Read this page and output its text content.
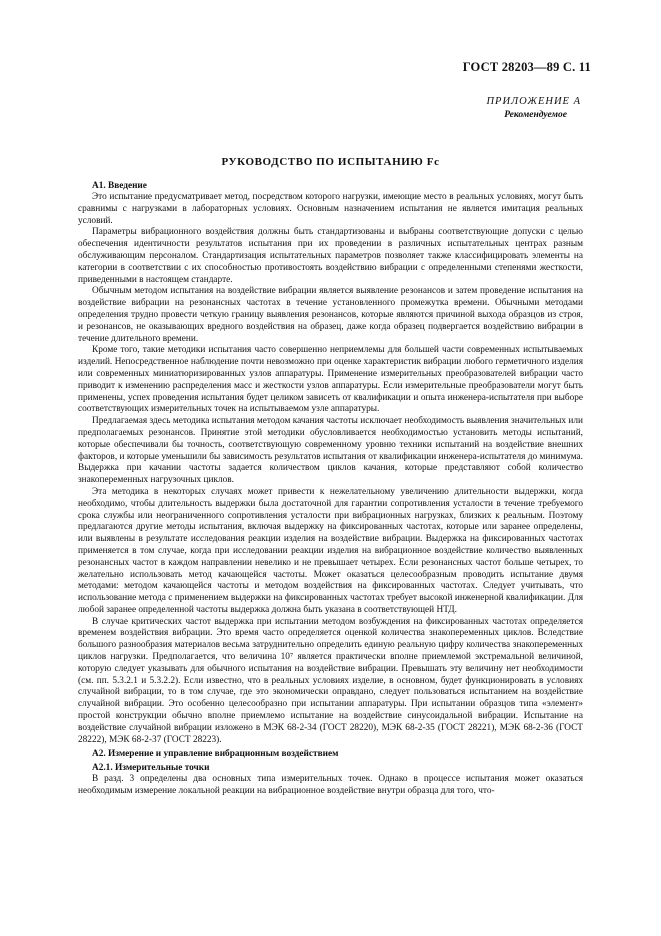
ГОСТ 28203—89 С. 11
ПРИЛОЖЕНИЕ А
Рекомендуемое
РУКОВОДСТВО ПО ИСПЫТАНИЮ Fc
А1. Введение

Это испытание предусматривает метод, посредством которого нагрузки, имеющие место в реальных условиях, могут быть сравнимы с нагрузками в лабораторных условиях. Основным назначением испытания не является имитация реальных условий.

Параметры вибрационного воздействия должны быть стандартизованы и выбраны соответствующие допуски с целью обеспечения идентичности результатов испытания при их проведении в различных испытательных центрах разным обслуживающим персоналом. Стандартизация испытательных параметров позволяет также классифицировать элементы на категории в соответствии с их способностью противостоять воздействию вибрации с определенными степенями жесткости, приведенными в настоящем стандарте.

Обычным методом испытания на воздействие вибрации является выявление резонансов и затем проведение испытания на воздействие вибрации на резонансных частотах в течение установленного промежутка времени. Обычными методами определения трудно провести четкую границу выявления резонансов, которые являются причиной выхода образцов из строя, и резонансов, не оказывающих вредного воздействия на образец, даже когда образец подвергается воздействию вибрации в течение длительного времени.

Кроме того, такие методики испытания часто совершенно неприемлемы для большей части современных испытываемых изделий. Непосредственное наблюдение почти невозможно при оценке характеристик вибрации любого герметичного изделия или современных миниатюризированных узлов аппаратуры. Применение измерительных преобразователей вибрации часто приводит к изменению распределения масс и жесткости узлов аппаратуры. Если измерительные преобразователи могут быть применены, успех проведения испытания будет целиком зависеть от квалификации и опыта инженера-испытателя при выборе соответствующих измерительных точек на испытываемом узле аппаратуры.

Предлагаемая здесь методика испытания методом качания частоты исключает необходимость выявления значительных или предполагаемых резонансов. Принятие этой методики обусловливается необходимостью установить методы испытаний, которые обеспечивали бы точность, соответствующую современному уровню техники испытаний на воздействие внешних факторов, и которые уменьшили бы зависимость результатов испытания от квалификации инженера-испытателя до минимума. Выдержка при качании частоты задается количеством циклов качания, которые представляют собой количество знакопеременных нагрузочных циклов.

Эта методика в некоторых случаях может привести к нежелательному увеличению длительности выдержки, когда необходимо, чтобы длительность выдержки была достаточной для гарантии сопротивления усталости в течение требуемого срока службы или неограниченного сопротивления усталости при вибрационных нагрузках, близких к реальным. Поэтому предлагаются другие методы испытания, включая выдержку на фиксированных частотах, которые или заранее определены, или выявлены в результате исследования реакции изделия на воздействие вибрации. Выдержка на фиксированных частотах применяется в том случае, когда при исследовании реакции изделия на вибрационное воздействие количество выявленных резонансных частот в каждом направлении невелико и не превышает четырех. Если резонансных частот больше четырех, то желательно использовать метод качающейся частоты. Может оказаться целесообразным проводить испытание двумя методами: методом качающейся частоты и методом воздействия на фиксированных частотах. Следует учитывать, что использование метода с применением выдержки на фиксированных частотах требует высокой инженерной квалификации. Для любой заранее определенной частоты выдержка должна быть указана в соответствующей НТД.

В случае критических частот выдержка при испытании методом возбуждения на фиксированных частотах определяется временем воздействия вибрации. Это время часто определяется оценкой количества знакопеременных циклов. Вследствие большого разнообразия материалов весьма затруднительно определить единую реальную цифру количества знакопеременных циклов нагрузки. Предполагается, что величина 10⁷ является практически вполне приемлемой экстремальной величиной, которую следует указывать для обычного испытания на воздействие вибрации. Превышать эту величину нет необходимости (см. пп. 5.3.2.1 и 5.3.2.2). Если известно, что в реальных условиях изделие, в основном, будет функционировать в условиях случайной вибрации, то в том случае, где это экономически оправдано, следует пользоваться испытанием на воздействие случайной вибрации. Это особенно целесообразно при испытании аппаратуры. При испытании образцов типа «элемент» простой конструкции обычно вполне приемлемо испытание на воздействие синусоидальной вибрации. Испытание на воздействие случайной вибрации изложено в МЭК 68-2-34 (ГОСТ 28220), МЭК 68-2-35 (ГОСТ 28221), МЭК 68-2-36 (ГОСТ 28222), МЭК 68-2-37 (ГОСТ 28223).

А2. Измерение и управление вибрационным воздействием
А2.1. Измерительные точки

В разд. 3 определены два основных типа измерительных точек. Однако в процессе испытания может оказаться необходимым измерение локальной реакции на вибрационное воздействие внутри образца для того, что-
